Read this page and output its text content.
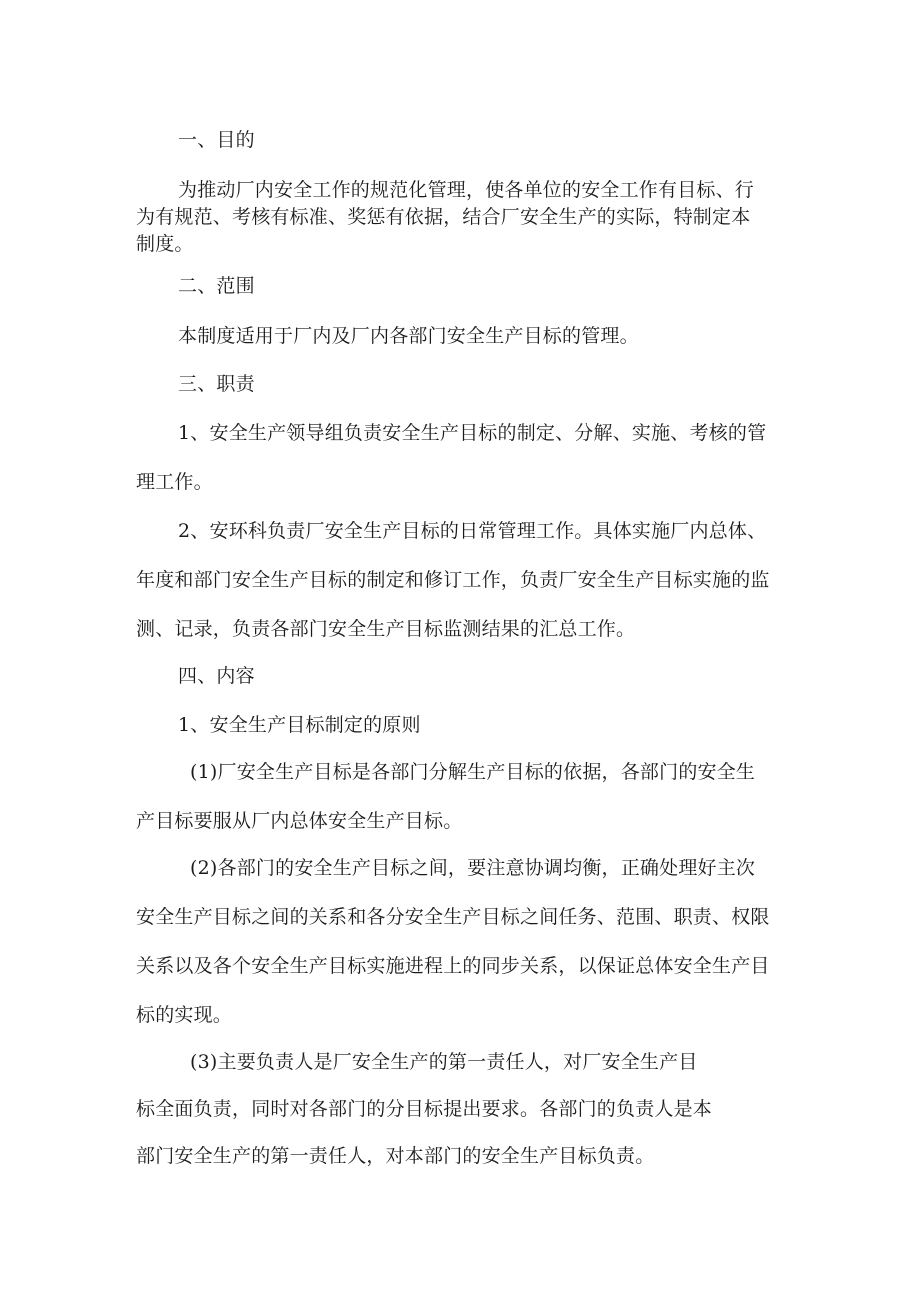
一、目的
为推动厂内安全工作的规范化管理，使各单位的安全工作有目标、行
为有规范、考核有标准、奖惩有依据，结合厂安全生产的实际，特制定本
制度。
二、范围
本制度适用于厂内及厂内各部门安全生产目标的管理。
三、职责
1、安全生产领导组负责安全生产目标的制定、分解、实施、考核的管
理工作。
2、安环科负责厂安全生产目标的日常管理工作。具体实施厂内总体、
年度和部门安全生产目标的制定和修订工作，负责厂安全生产目标实施的监
测、记录，负责各部门安全生产目标监测结果的汇总工作。
四、内容
1、安全生产目标制定的原则
(1)厂安全生产目标是各部门分解生产目标的依据，各部门的安全生
产目标要服从厂内总体安全生产目标。
(2)各部门的安全生产目标之间，要注意协调均衡，正确处理好主次
安全生产目标之间的关系和各分安全生产目标之间任务、范围、职责、权限
关系以及各个安全生产目标实施进程上的同步关系，以保证总体安全生产目
标的实现。
(3)主要负责人是厂安全生产的第一责任人，对厂安全生产目
标全面负责，同时对各部门的分目标提出要求。各部门的负责人是本
部门安全生产的第一责任人，对本部门的安全生产目标负责。
